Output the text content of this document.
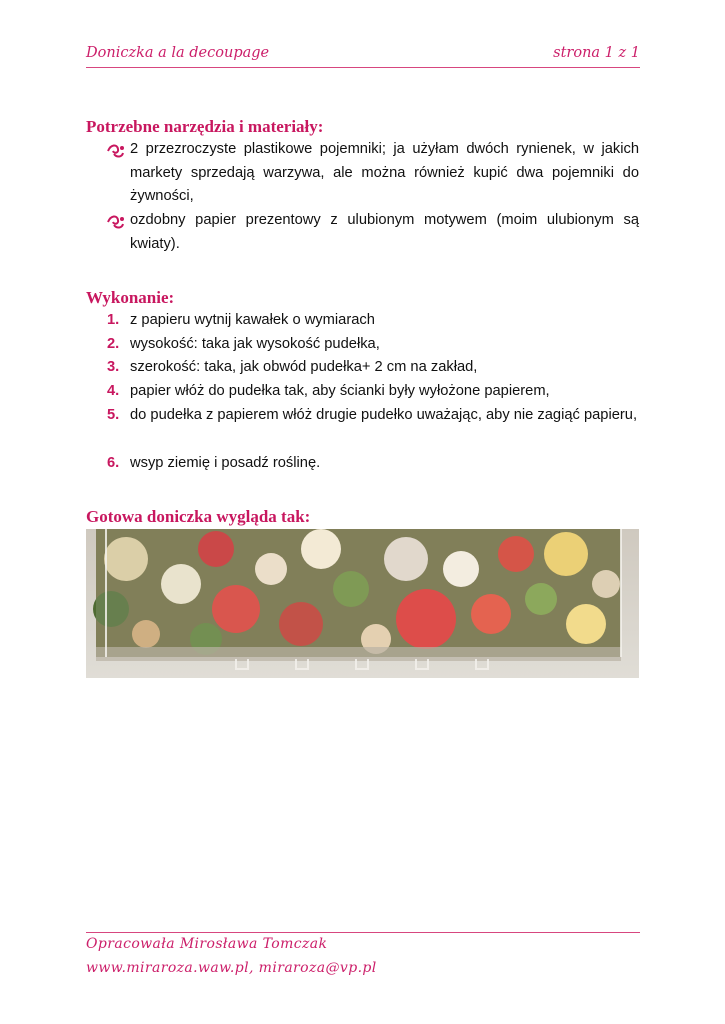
Doniczka a la decoupage	strona 1 z 1
Potrzebne narzędzia i materiały:
2 przezroczyste plastikowe pojemniki; ja użyłam dwóch rynienek, w jakich markety sprzedają warzywa, ale można również kupić dwa pojemniki do żywności,
ozdobny papier prezentowy z ulubionym motywem (moim ulubionym są kwiaty).
Wykonanie:
1. z papieru wytnij kawałek o wymiarach
2. wysokość: taka jak wysokość pudełka,
3. szerokość: taka, jak obwód pudełka+ 2 cm na zakład,
4. papier włóż do pudełka tak, aby ścianki były wyłożone papierem,
5. do pudełka z papierem włóż drugie pudełko uważając, aby nie zagiąć papieru,
6. wsyp ziemię i posadź roślinę.
Gotowa doniczka wygląda tak:
Opracowała Mirosława Tomczak
www.miraroza.waw.pl, miraroza@vp.pl
